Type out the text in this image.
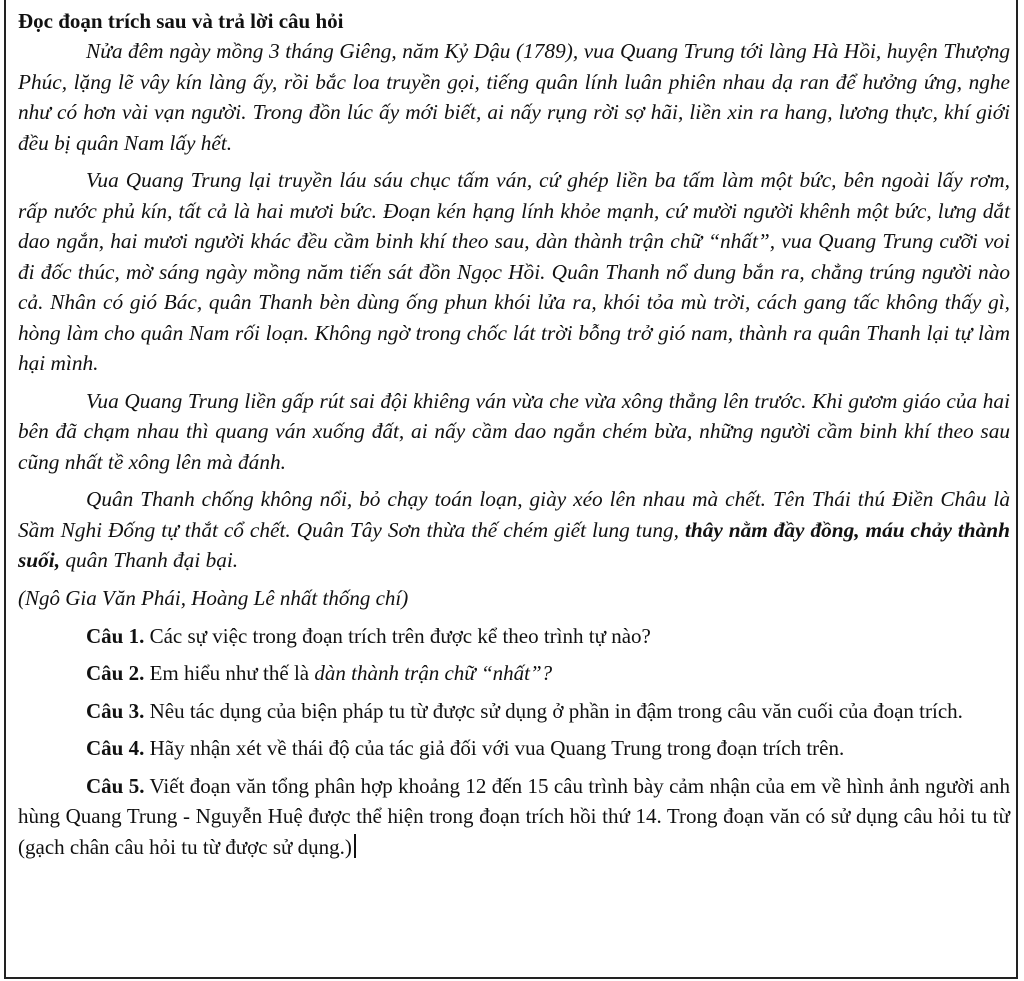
Đọc đoạn trích sau và trả lời câu hỏi

Nửa đêm ngày mồng 3 tháng Giêng, năm Kỷ Dậu (1789), vua Quang Trung tới làng Hà Hồi, huyện Thượng Phúc, lặng lẽ vây kín làng ấy, rồi bắc loa truyền gọi, tiếng quân lính luân phiên nhau dạ ran để hưởng ứng, nghe như có hơn vài vạn người. Trong đồn lúc ấy mới biết, ai nấy rụng rời sợ hãi, liền xin ra hang, lương thực, khí giới đều bị quân Nam lấy hết.

Vua Quang Trung lại truyền láu sáu chục tấm ván, cứ ghép liền ba tấm làm một bức, bên ngoài lấy rơm, rấp nước phủ kín, tất cả là hai mươi bức. Đoạn kén hạng lính khỏe mạnh, cứ mười người khênh một bức, lưng dắt dao ngắn, hai mươi người khác đều cầm binh khí theo sau, dàn thành trận chữ “nhất”, vua Quang Trung cưỡi voi đi đốc thúc, mờ sáng ngày mồng năm tiến sát đồn Ngọc Hồi. Quân Thanh nổ dung bắn ra, chẳng trúng người nào cả. Nhân có gió Bác, quân Thanh bèn dùng ống phun khói lửa ra, khói tỏa mù trời, cách gang tấc không thấy gì, hòng làm cho quân Nam rối loạn. Không ngờ trong chốc lát trời bỗng trở gió nam, thành ra quân Thanh lại tự làm hại mình.

Vua Quang Trung liền gấp rút sai đội khiêng ván vừa che vừa xông thẳng lên trước. Khi gươm giáo của hai bên đã chạm nhau thì quang ván xuống đất, ai nấy cầm dao ngắn chém bừa, những người cầm binh khí theo sau cũng nhất tề xông lên mà đánh.

Quân Thanh chống không nổi, bỏ chạy toán loạn, giày xéo lên nhau mà chết. Tên Thái thú Điền Châu là Sầm Nghi Đống tự thắt cổ chết. Quân Tây Sơn thừa thế chém giết lung tung, thây nằm đầy đồng, máu chảy thành suối, quân Thanh đại bại.

(Ngô Gia Văn Phái, Hoàng Lê nhất thống chí)

Câu 1. Các sự việc trong đoạn trích trên được kể theo trình tự nào?

Câu 2. Em hiểu như thế là dàn thành trận chữ “nhất”?

Câu 3. Nêu tác dụng của biện pháp tu từ được sử dụng ở phần in đậm trong câu văn cuối của đoạn trích.

Câu 4. Hãy nhận xét về thái độ của tác giả đối với vua Quang Trung trong đoạn trích trên.

Câu 5. Viết đoạn văn tổng phân hợp khoảng 12 đến 15 câu trình bày cảm nhận của em về hình ảnh người anh hùng Quang Trung - Nguyễn Huệ được thể hiện trong đoạn trích hồi thứ 14. Trong đoạn văn có sử dụng câu hỏi tu từ (gạch chân câu hỏi tu từ được sử dụng.)
